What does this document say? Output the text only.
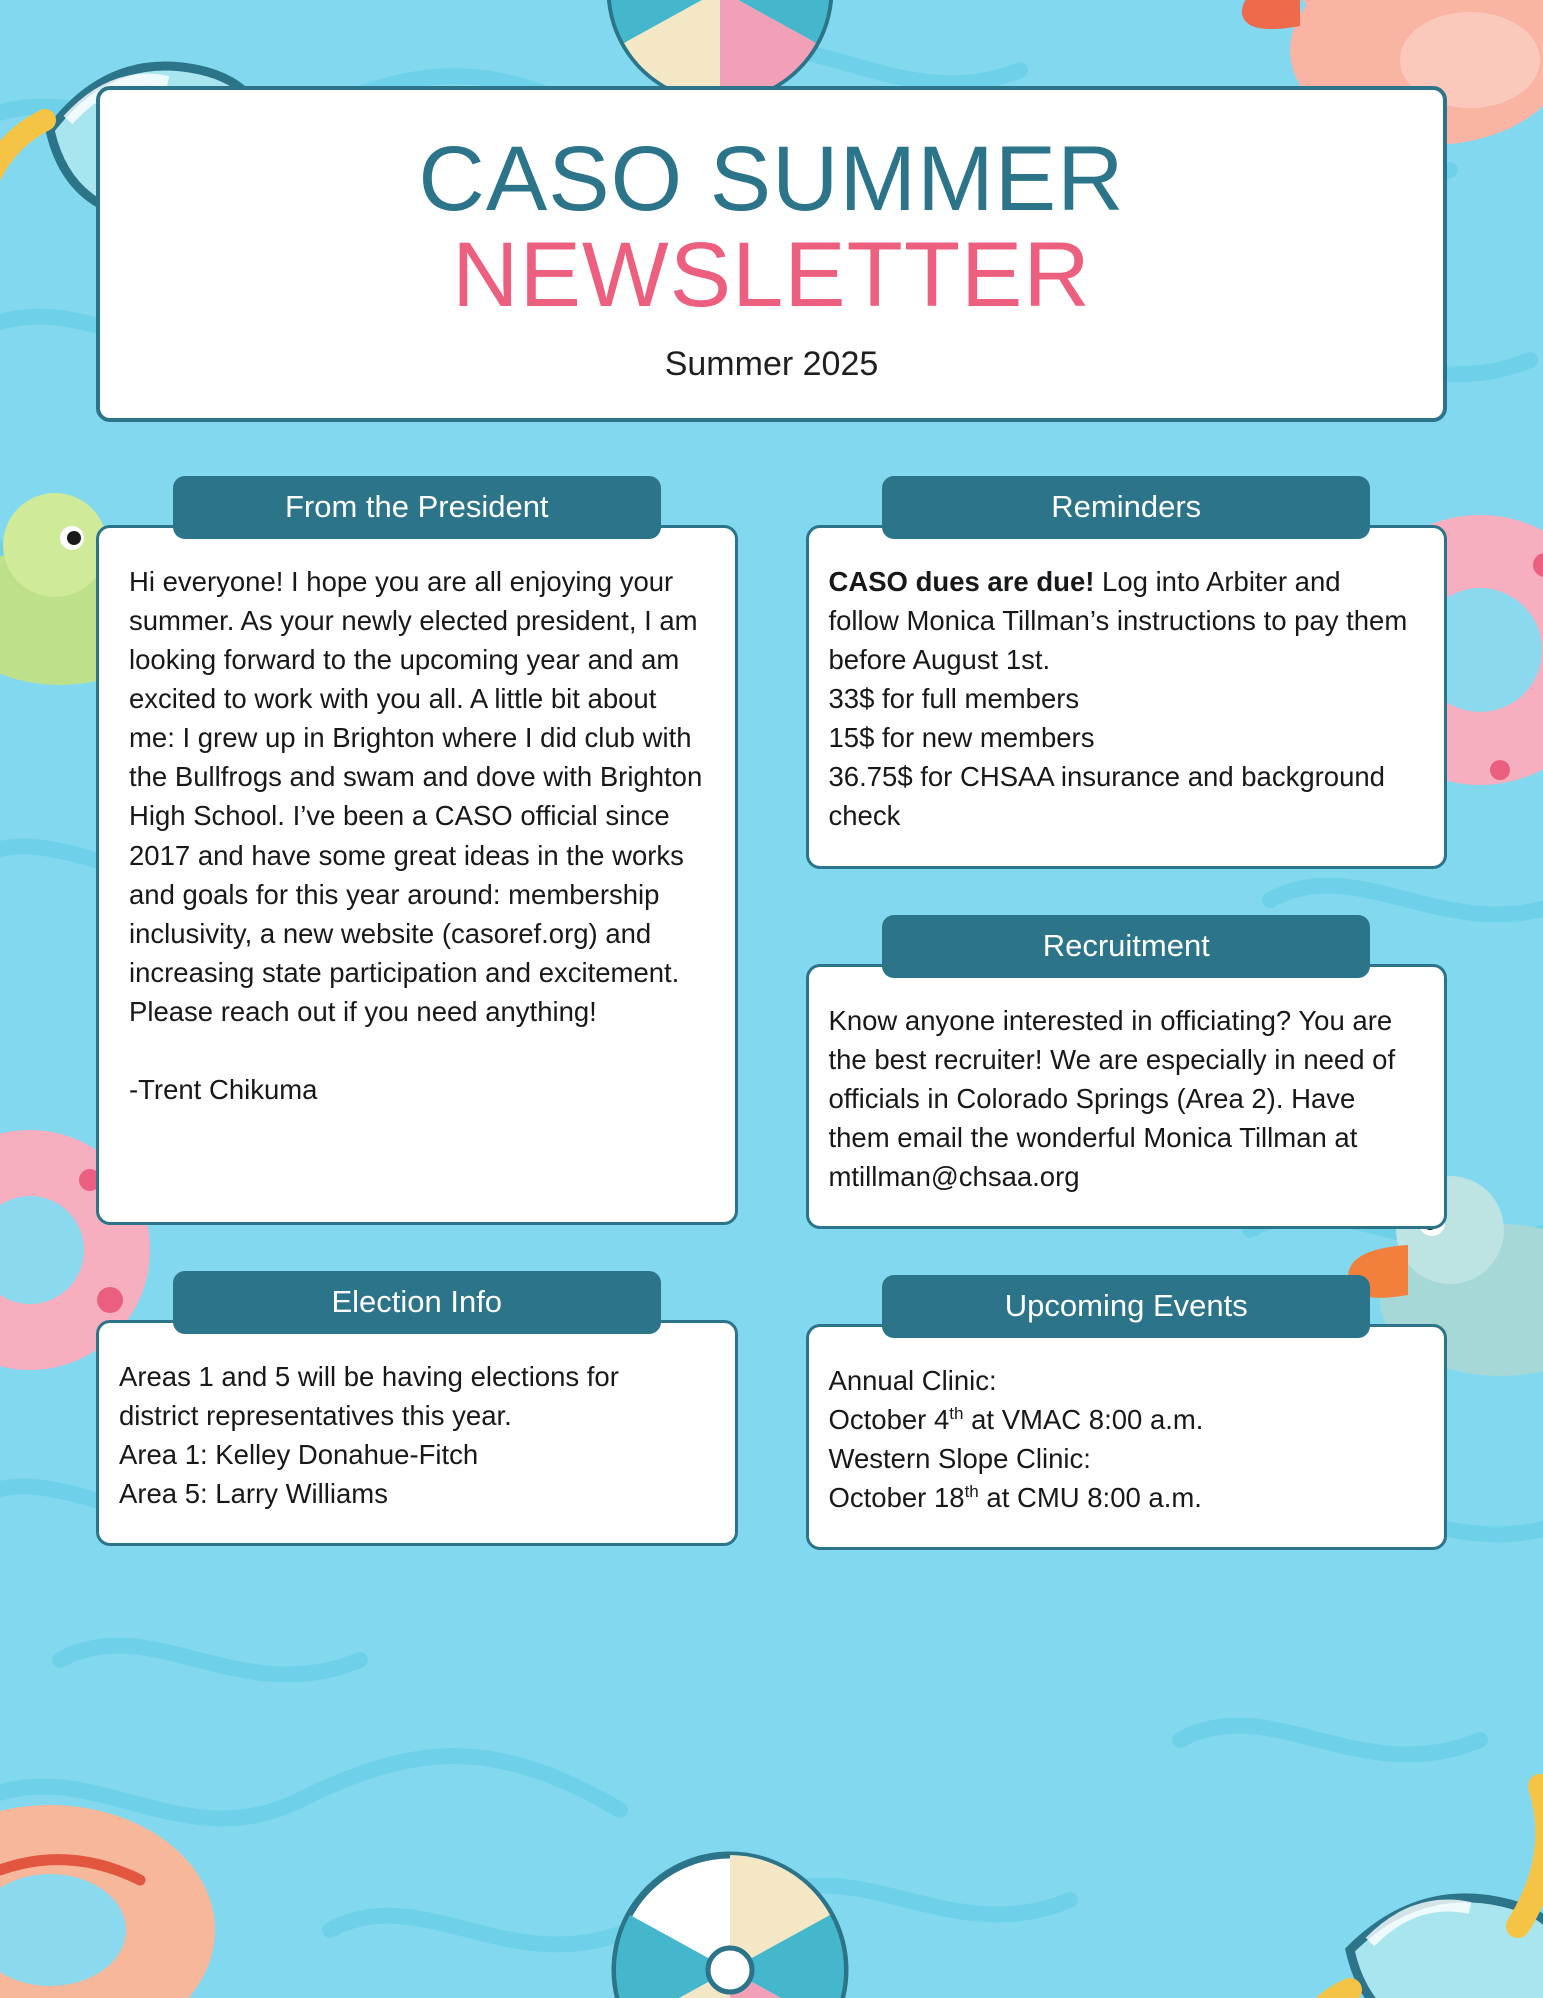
CASO SUMMER
NEWSLETTER
Summer 2025
From the President

Hi everyone! I hope you are all enjoying your summer. As your newly elected president, I am looking forward to the upcoming year and am excited to work with you all. A little bit about me: I grew up in Brighton where I did club with the Bullfrogs and swam and dove with Brighton High School. I’ve been a CASO official since 2017 and have some great ideas in the works and goals for this year around: membership inclusivity, a new website (casoref.org) and increasing state participation and excitement. Please reach out if you need anything!

-Trent Chikuma

Election Info

Areas 1 and 5 will be having elections for district representatives this year.

Area 1: Kelley Donahue-Fitch

Area 5: Larry Williams

Reminders

CASO dues are due! Log into Arbiter and follow Monica Tillman’s instructions to pay them before August 1st.

33$ for full members

15$ for new members

36.75$ for CHSAA insurance and background check

Recruitment

Know anyone interested in officiating? You are the best recruiter! We are especially in need of officials in Colorado Springs (Area 2). Have them email the wonderful Monica Tillman at mtillman@chsaa.org

Upcoming Events

Annual Clinic:

October 4th at VMAC 8:00 a.m.

Western Slope Clinic:

October 18th at CMU 8:00 a.m.
